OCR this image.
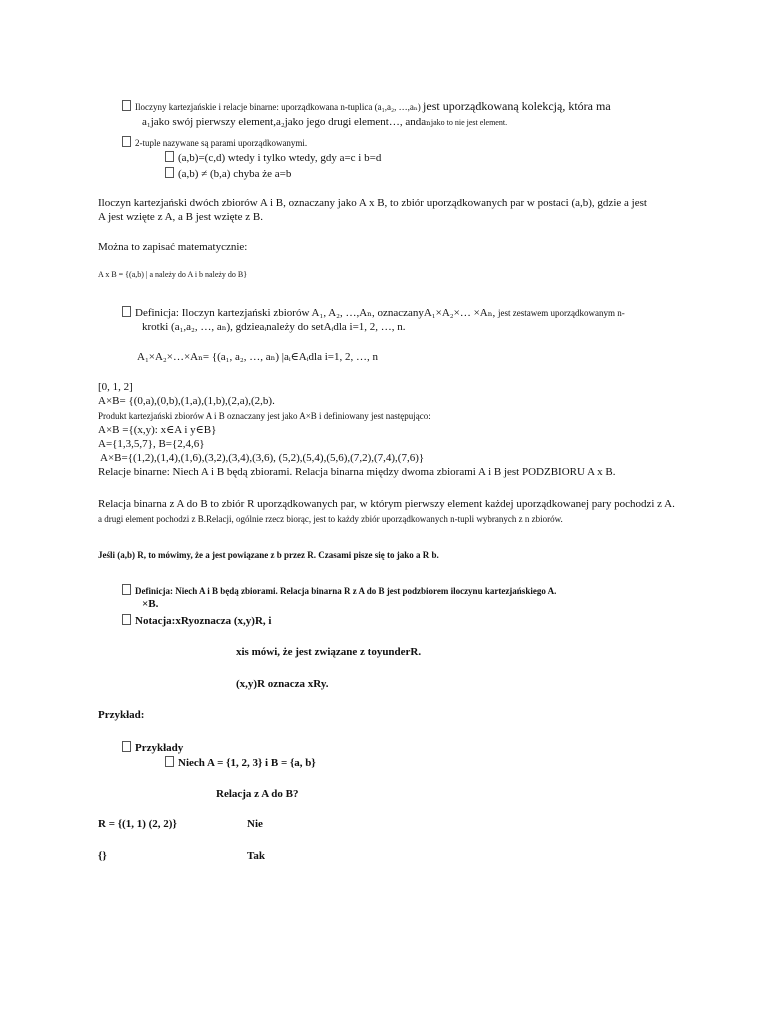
Iloczyny kartezjańskie i relacje binarne: uporządkowana n-tuplica (a₁,a₂, …,aₙ) jest uporządkowaną kolekcją, która ma
a₁jako swój pierwszy element,a₂jako jego drugi element…, andaₙjako to nie jest element.
2-tuple nazywane są parami uporządkowanymi.
(a,b)=(c,d) wtedy i tylko wtedy, gdy a=c i b=d
(a,b) ≠ (b,a) chyba że a=b
Iloczyn kartezjański dwóch zbiorów A i B, oznaczany jako A x B, to zbiór uporządkowanych par w postaci (a,b), gdzie a jest
A jest wzięte z A, a B jest wzięte z B.
Można to zapisać matematycznie:
A x B = {(a,b) | a należy do A i b należy do B}
Definicja: Iloczyn kartezjański zbiorów A₁, A₂, …,Aₙ, oznaczanyA₁×A₂×… ×Aₙ, jest zestawem uporządkowanym n-
krotki (a₁,a₂, …, aₙ), gdzieaᵢnależy do setAᵢdla i=1, 2, …, n.
A₁×A₂×…×Aₙ= {(a₁, a₂, …, aₙ) |aᵢ∈Aᵢdla i=1, 2, …, n
[0, 1, 2]
A×B= {(0,a),(0,b),(1,a),(1,b),(2,a),(2,b).
Produkt kartezjański zbiorów A i B oznaczany jest jako A×B i definiowany jest następująco:
A×B ={(x,y): x∈A i y∈B}
A={1,3,5,7}, B={2,4,6}
A×B={(1,2),(1,4),(1,6),(3,2),(3,4),(3,6), (5,2),(5,4),(5,6),(7,2),(7,4),(7,6)}
Relacje binarne: Niech A i B będą zbiorami. Relacja binarna między dwoma zbiorami A i B jest PODZBIORU A x B.
Relacja binarna z A do B to zbiór R uporządkowanych par, w którym pierwszy element każdej uporządkowanej pary pochodzi z A.
a drugi element pochodzi z B.Relacji, ogólnie rzecz biorąc, jest to każdy zbiór uporządkowanych n-tupli wybranych z n zbiorów.
Jeśli (a,b) R, to mówimy, że a jest powiązane z b przez R. Czasami pisze się to jako a R b.
Definicja: Niech A i B będą zbiorami. Relacja binarna R z A do B jest podzbiorem iloczynu kartezjańskiego A.
×B.
Notacja:xRyoznacza (x,y)R, i
xis mówi, że jest związane z toyunderR.
(x,y)R oznacza xRy.
Przykład:
Przykłady
Niech A = {1, 2, 3} i B = {a, b}
Relacja z A do B?
R = {(1, 1) (2, 2)}	Nie
{}	Tak
